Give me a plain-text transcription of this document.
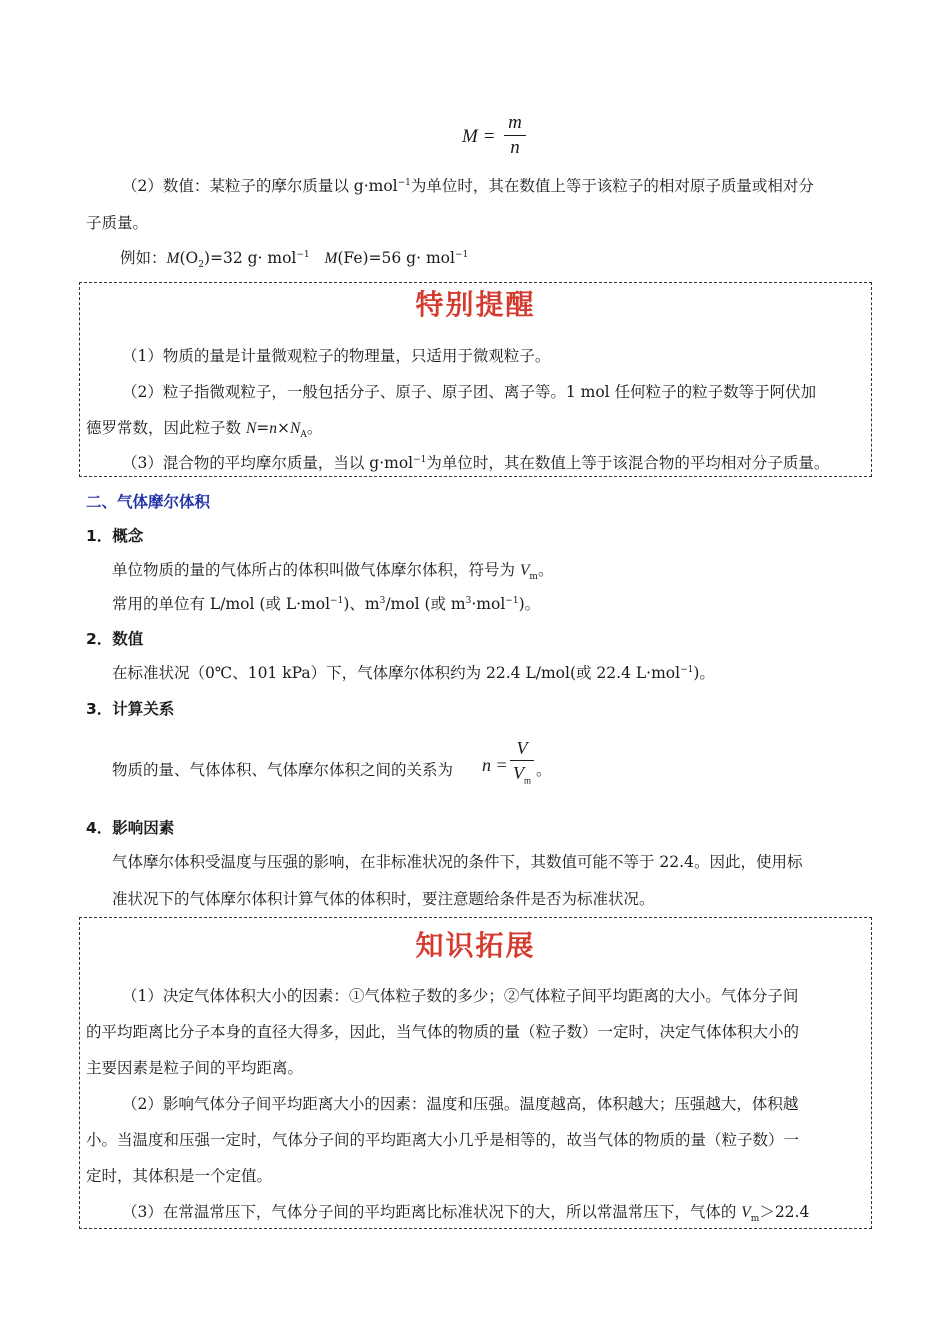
M =
m
n
（2）数值：某粒子的摩尔质量以 g·mol$^{-1}$为单位时，其在数值上等于该粒子的相对原子质量或相对分
子质量。
例如：$M(O_2)=32$ g· mol$^{-1}$ M(Fe)=56 g· mol$^{-1}$
特别提醒
（1）物质的量是计量微观粒子的物理量，只适用于微观粒子。
（2）粒子指微观粒子，一般包括分子、原子、原子团、离子等。1 mol 任何粒子的粒子数等于阿伏加
德罗常数，因此粒子数 $N=n\times N_A$。
（3）混合物的平均摩尔质量，当以 g·mol$^{-1}$为单位时，其在数值上等于该混合物的平均相对分子质量。
二、气体摩尔体积
1．概念
单位物质的量的气体所占的体积叫做气体摩尔体积，符号为 $V_m$。
常用的单位有 L/mol (或 L·mol$^{-1}$)、$m^3$/mol (或 $m^3\cdot mol^{-1}$)。
2．数值
在标准状况（0℃、101 kPa）下，气体摩尔体积约为 22.4 L/mol(或 22.4 L·mol$^{-1}$)。
3．计算关系
物质的量、气体体积、气体摩尔体积之间的关系为 n =
V
$V_m$
。
4．影响因素
气体摩尔体积受温度与压强的影响，在非标准状况的条件下，其数值可能不等于 22.4。因此，使用标
准状况下的气体摩尔体积计算气体的体积时，要注意题给条件是否为标准状况。
知识拓展
（1）决定气体体积大小的因素：①气体粒子数的多少；②气体粒子间平均距离的大小。气体分子间
的平均距离比分子本身的直径大得多，因此，当气体的物质的量（粒子数）一定时，决定气体体积大小的
主要因素是粒子间的平均距离。
（2）影响气体分子间平均距离大小的因素：温度和压强。温度越高，体积越大；压强越大，体积越
小。当温度和压强一定时，气体分子间的平均距离大小几乎是相等的，故当气体的物质的量（粒子数）一
定时，其体积是一个定值。
（3）在常温常压下，气体分子间的平均距离比标准状况下的大，所以常温常压下，气体的 $V_m>22.4$
